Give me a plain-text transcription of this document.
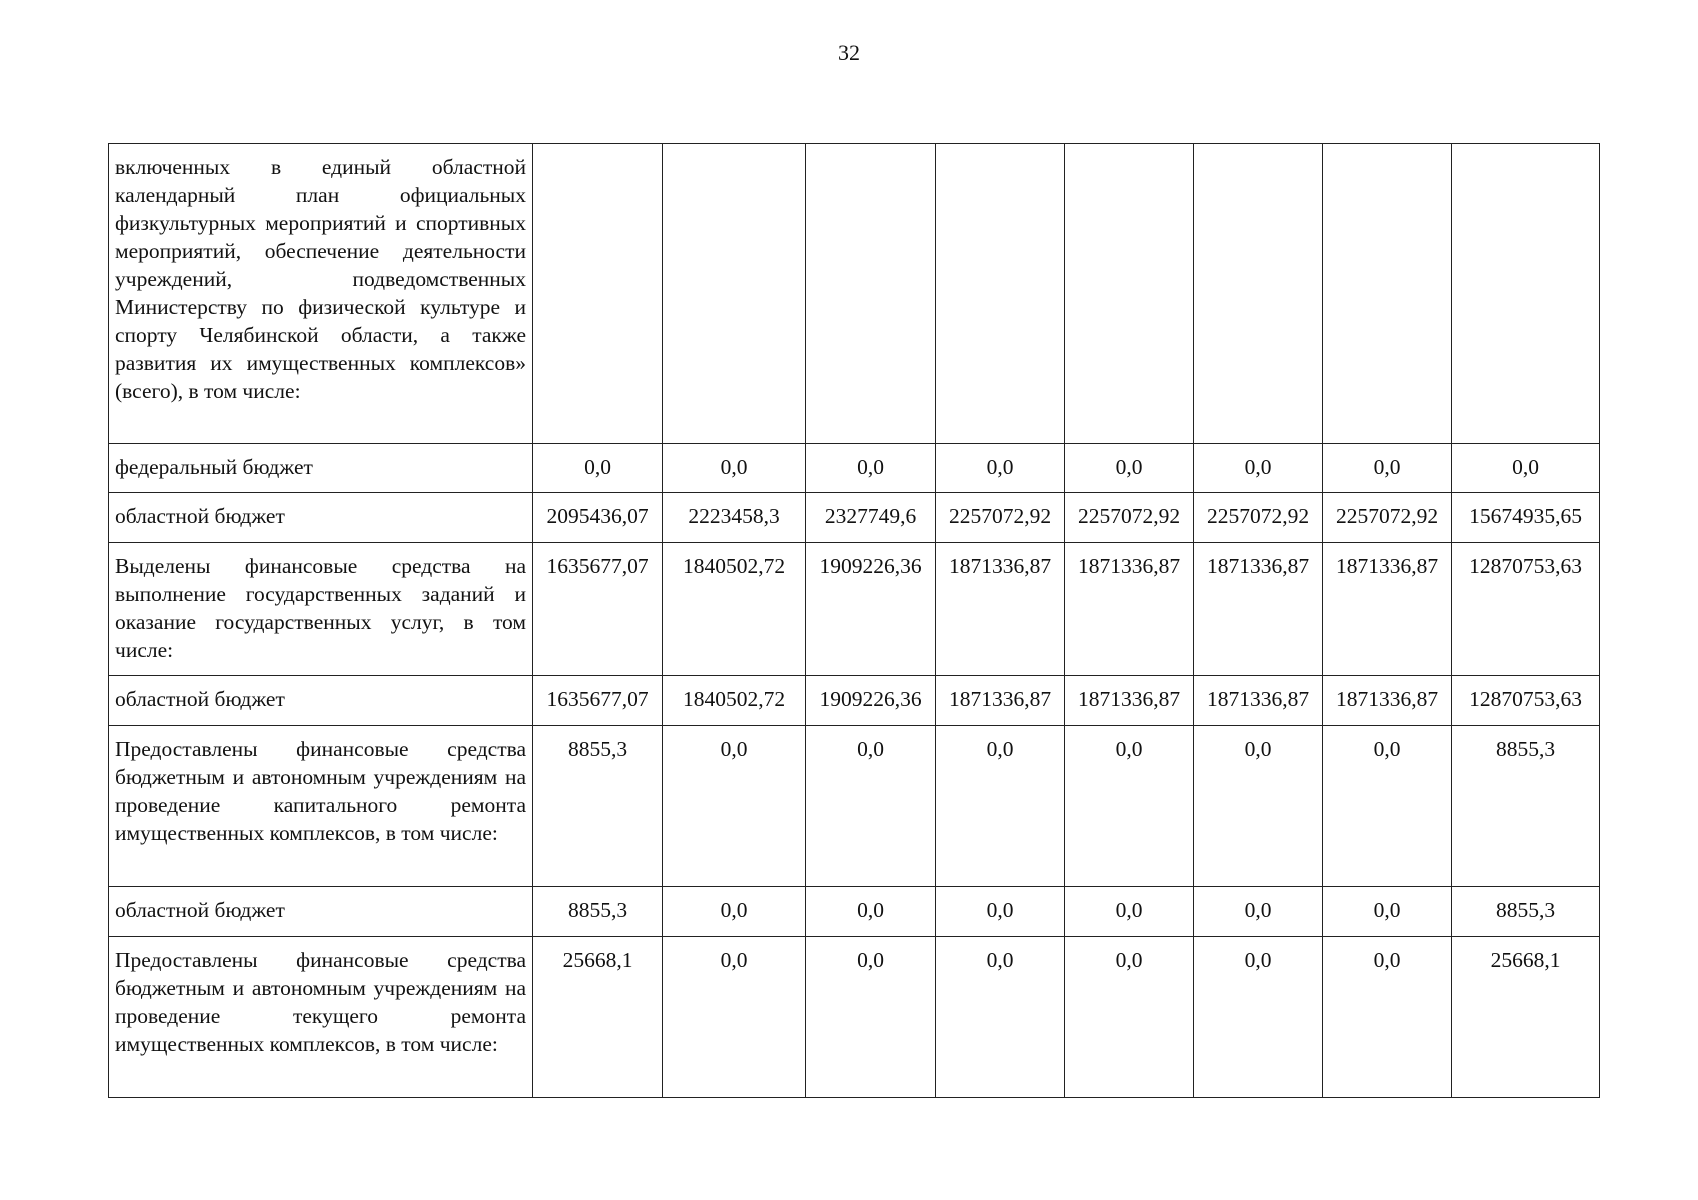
32
включенных в единый областной календарный план официальных физкультурных мероприятий и спортивных мероприятий, обеспечение деятельности учреждений, подведомственных Министерству по физической культуре и спорту Челябинской области, а также развития их имущественных комплексов» (всего), в том числе:								
федеральный бюджет	0,0	0,0	0,0	0,0	0,0	0,0	0,0	0,0
областной бюджет	2095436,07	2223458,3	2327749,6	2257072,92	2257072,92	2257072,92	2257072,92	15674935,65
Выделены финансовые средства на выполнение государственных заданий и оказание государственных услуг, в том числе:	1635677,07	1840502,72	1909226,36	1871336,87	1871336,87	1871336,87	1871336,87	12870753,63
областной бюджет	1635677,07	1840502,72	1909226,36	1871336,87	1871336,87	1871336,87	1871336,87	12870753,63
Предоставлены финансовые средства бюджетным и автономным учреждениям на проведение капитального ремонта имущественных комплексов, в том числе:	8855,3	0,0	0,0	0,0	0,0	0,0	0,0	8855,3
областной бюджет	8855,3	0,0	0,0	0,0	0,0	0,0	0,0	8855,3
Предоставлены финансовые средства бюджетным и автономным учреждениям на проведение текущего ремонта имущественных комплексов, в том числе:	25668,1	0,0	0,0	0,0	0,0	0,0	0,0	25668,1
